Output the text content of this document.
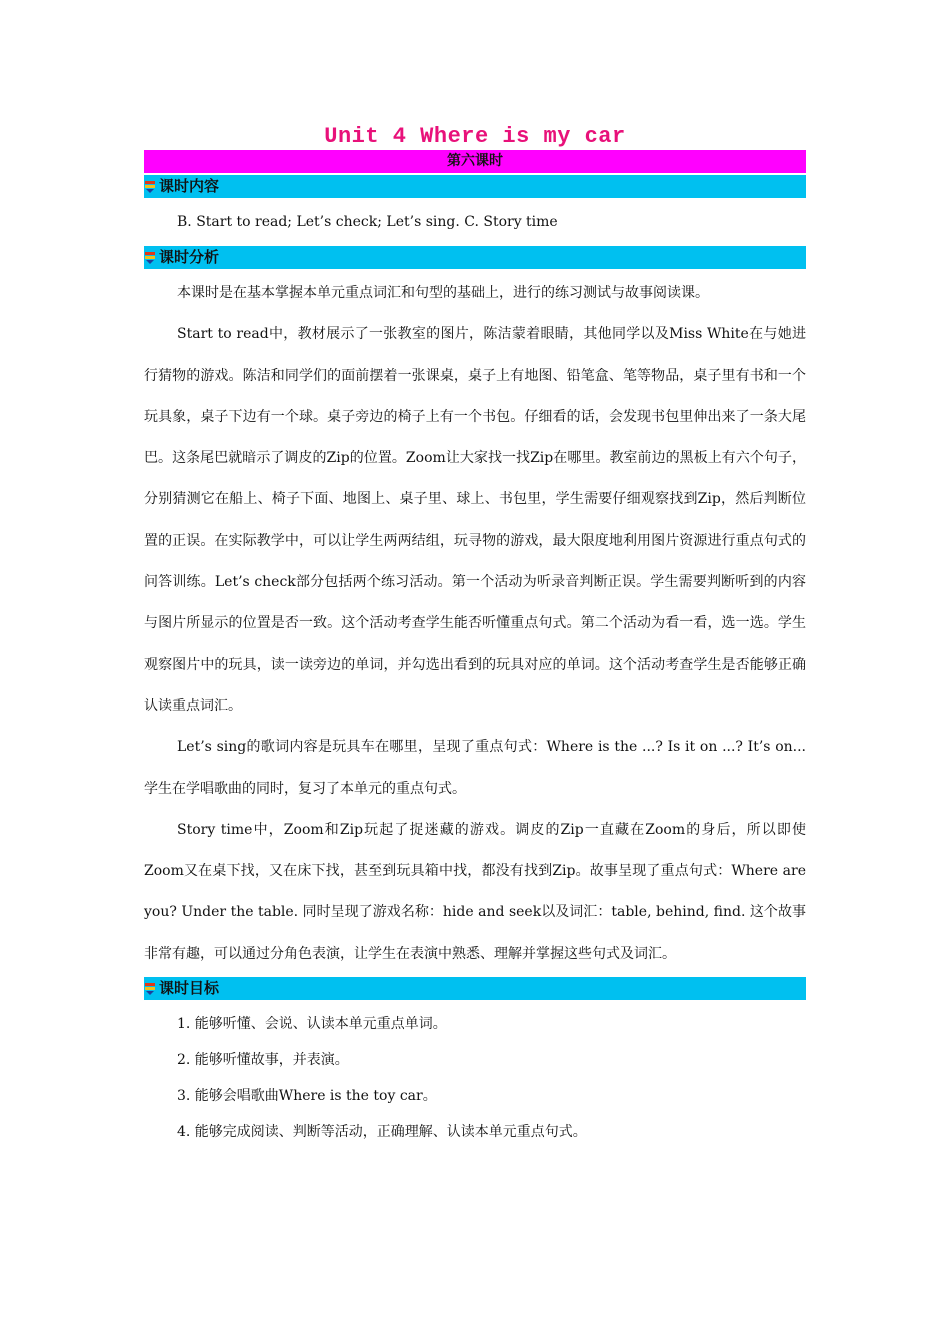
Unit 4 Where is my car
第六课时
课时内容

B. Start to read; Let’s check; Let’s sing. C. Story time

课时分析

本课时是在基本掌握本单元重点词汇和句型的基础上，进行的练习测试与故事阅读课。

Start to read中，教材展示了一张教室的图片，陈洁蒙着眼睛，其他同学以及Miss White在与她进行猜物的游戏。陈洁和同学们的面前摆着一张课桌，桌子上有地图、铅笔盒、笔等物品，桌子里有书和一个玩具象，桌子下边有一个球。桌子旁边的椅子上有一个书包。仔细看的话，会发现书包里伸出来了一条大尾巴。这条尾巴就暗示了调皮的Zip的位置。Zoom让大家找一找Zip在哪里。教室前边的黑板上有六个句子，分别猜测它在船上、椅子下面、地图上、桌子里、球上、书包里，学生需要仔细观察找到Zip，然后判断位置的正误。在实际教学中，可以让学生两两结组，玩寻物的游戏，最大限度地利用图片资源进行重点句式的问答训练。Let’s check部分包括两个练习活动。第一个活动为听录音判断正误。学生需要判断听到的内容与图片所显示的位置是否一致。这个活动考查学生能否听懂重点句式。第二个活动为看一看，选一选。学生观察图片中的玩具，读一读旁边的单词，并勾选出看到的玩具对应的单词。这个活动考查学生是否能够正确认读重点词汇。

Let’s sing的歌词内容是玩具车在哪里，呈现了重点句式：Where is the ...? Is it on ...? It’s on... 学生在学唱歌曲的同时，复习了本单元的重点句式。

Story time中，Zoom和Zip玩起了捉迷藏的游戏。调皮的Zip一直藏在Zoom的身后，所以即使Zoom又在桌下找，又在床下找，甚至到玩具箱中找，都没有找到Zip。故事呈现了重点句式：Where are you? Under the table. 同时呈现了游戏名称：hide and seek以及词汇：table, behind, find. 这个故事非常有趣，可以通过分角色表演，让学生在表演中熟悉、理解并掌握这些句式及词汇。

课时目标

1. 能够听懂、会说、认读本单元重点单词。

2. 能够听懂故事，并表演。

3. 能够会唱歌曲Where is the toy car。

4. 能够完成阅读、判断等活动，正确理解、认读本单元重点句式。
